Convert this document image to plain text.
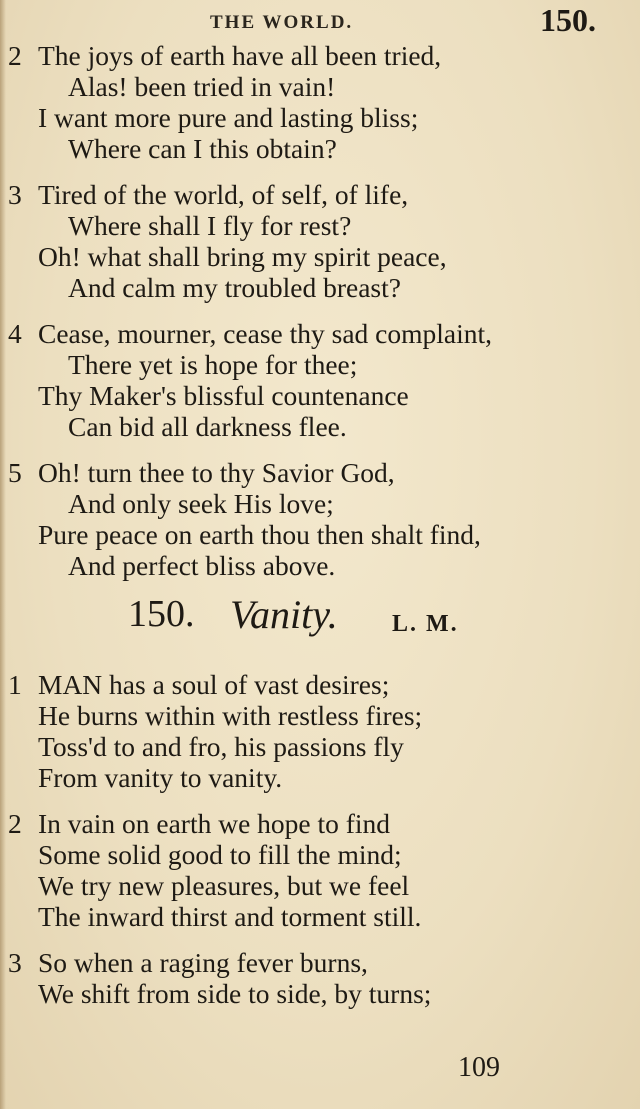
THE WORLD.	150.
2 The joys of earth have all been tried,
Alas! been tried in vain!
I want more pure and lasting bliss;
Where can I this obtain?
3 Tired of the world, of self, of life,
Where shall I fly for rest?
Oh! what shall bring my spirit peace,
And calm my troubled breast?
4 Cease, mourner, cease thy sad complaint,
There yet is hope for thee;
Thy Maker's blissful countenance
Can bid all darkness flee.
5 Oh! turn thee to thy Savior God,
And only seek His love;
Pure peace on earth thou then shalt find,
And perfect bliss above.
150. Vanity. L. M.
1 MAN has a soul of vast desires;
He burns within with restless fires;
Toss'd to and fro, his passions fly
From vanity to vanity.
2 In vain on earth we hope to find
Some solid good to fill the mind;
We try new pleasures, but we feel
The inward thirst and torment still.
3 So when a raging fever burns,
We shift from side to side, by turns;
109
